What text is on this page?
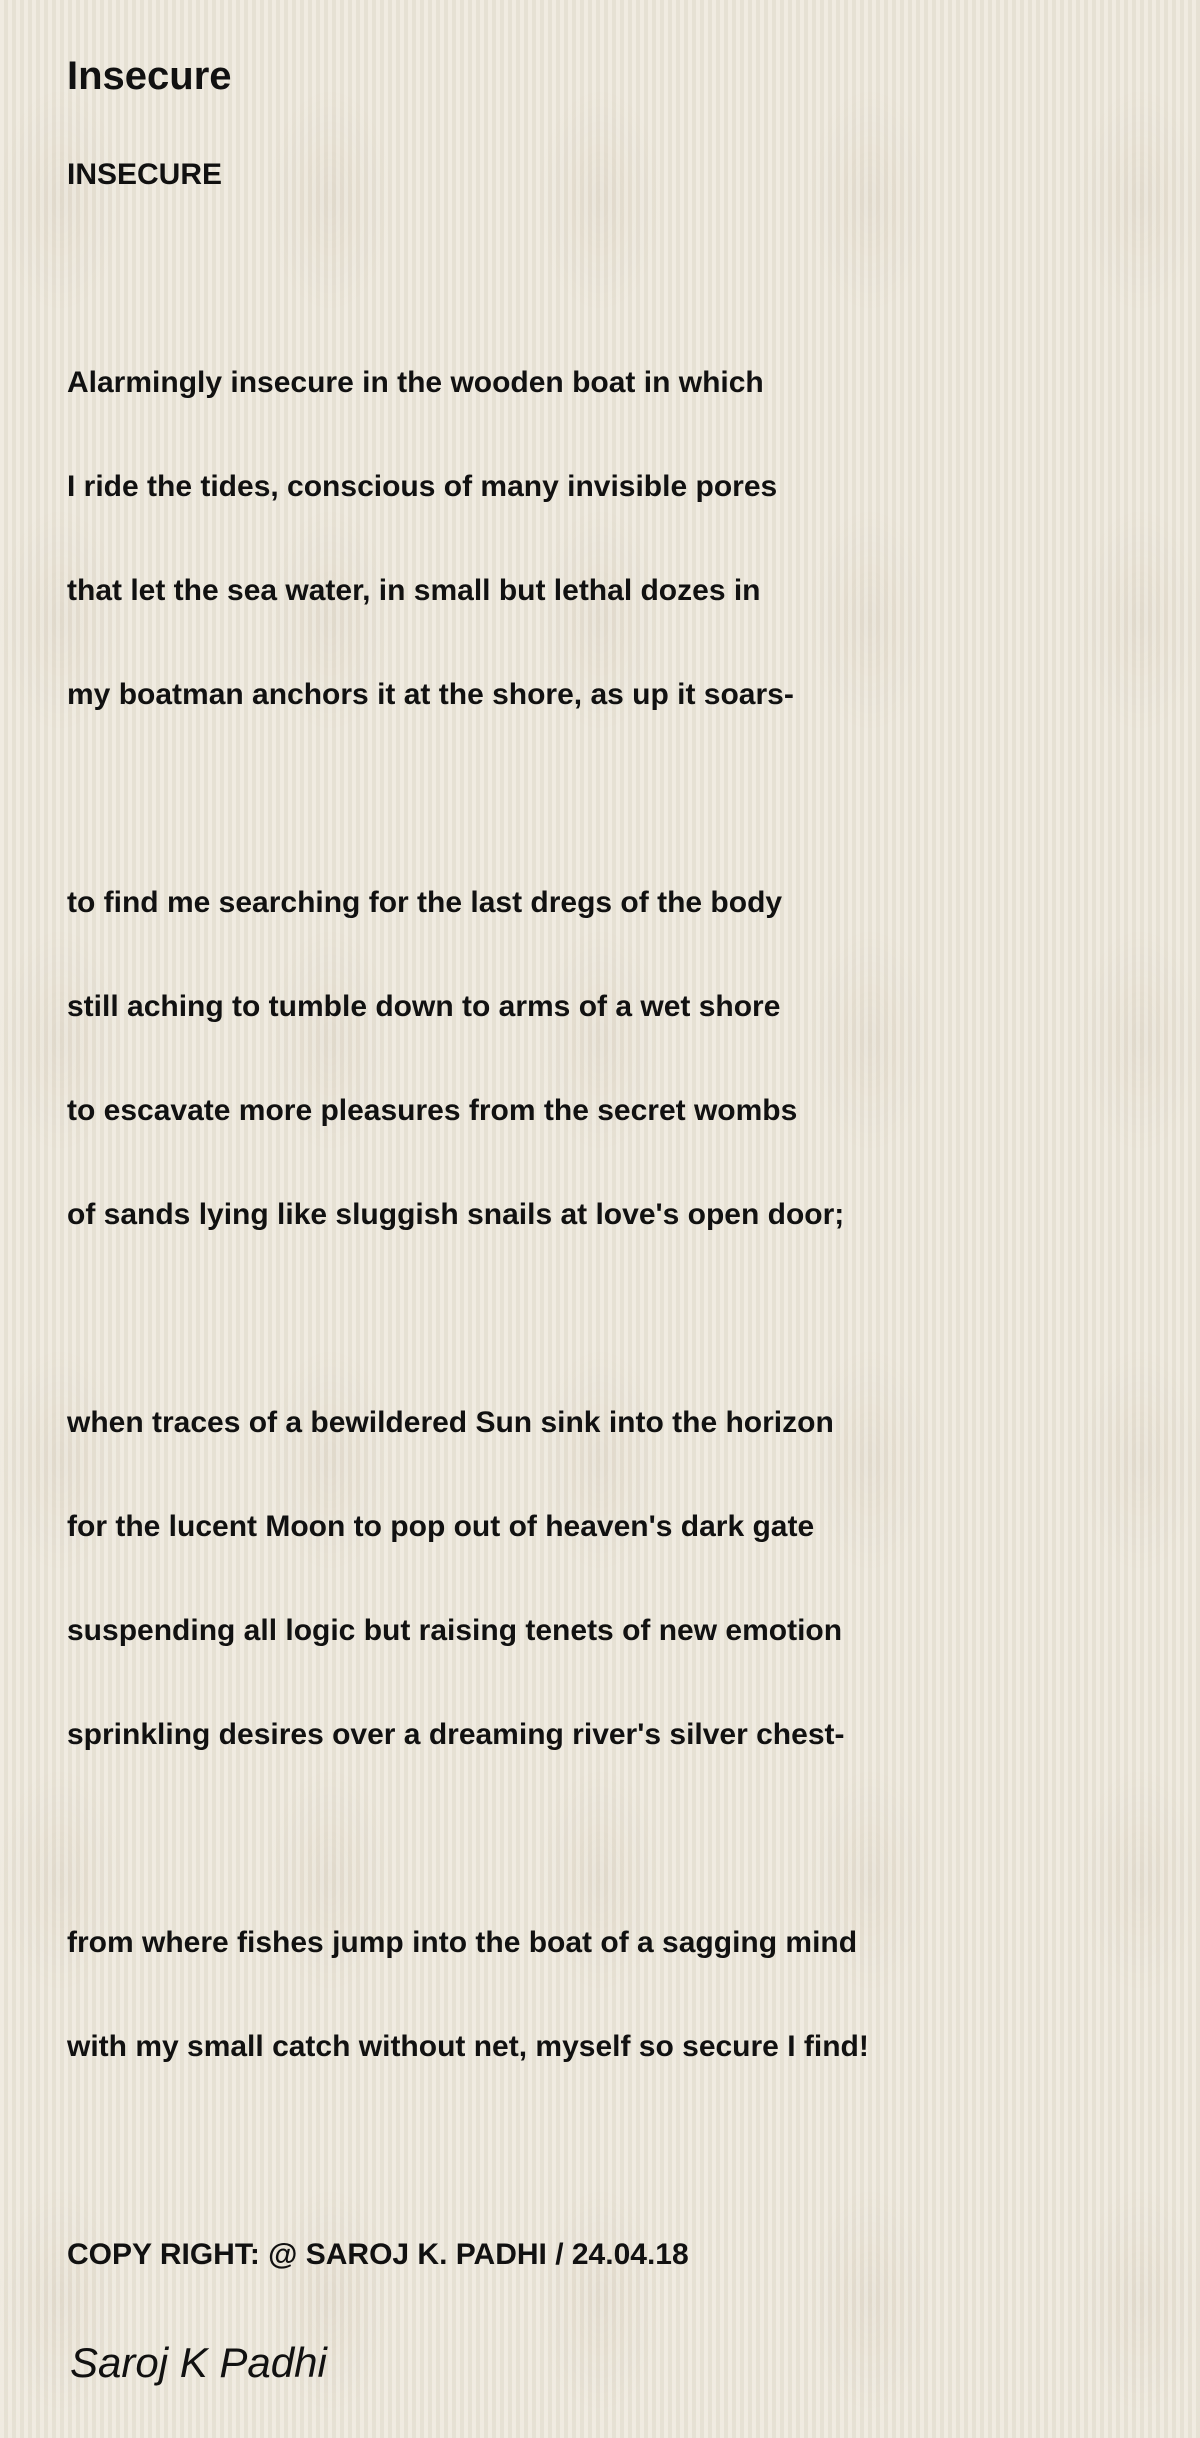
Insecure
INSECURE
Alarmingly insecure in the wooden boat in which
I ride the tides, conscious of many invisible pores
that let the sea water, in small but lethal dozes in
my boatman anchors it at the shore, as up it soars-
to find me searching for the last dregs of the body
still aching to tumble down to arms of a wet shore
to escavate more pleasures from the secret wombs
of sands lying like sluggish snails at love's open door;
when traces of a bewildered Sun sink into the horizon
for the lucent Moon to pop out of heaven's dark gate
suspending all logic but raising tenets of new emotion
sprinkling desires over a dreaming river's silver chest-
from where fishes jump into the boat of a sagging mind
with my small catch without net, myself so secure I find!
COPY RIGHT: @ SAROJ K. PADHI / 24.04.18
Saroj K Padhi
